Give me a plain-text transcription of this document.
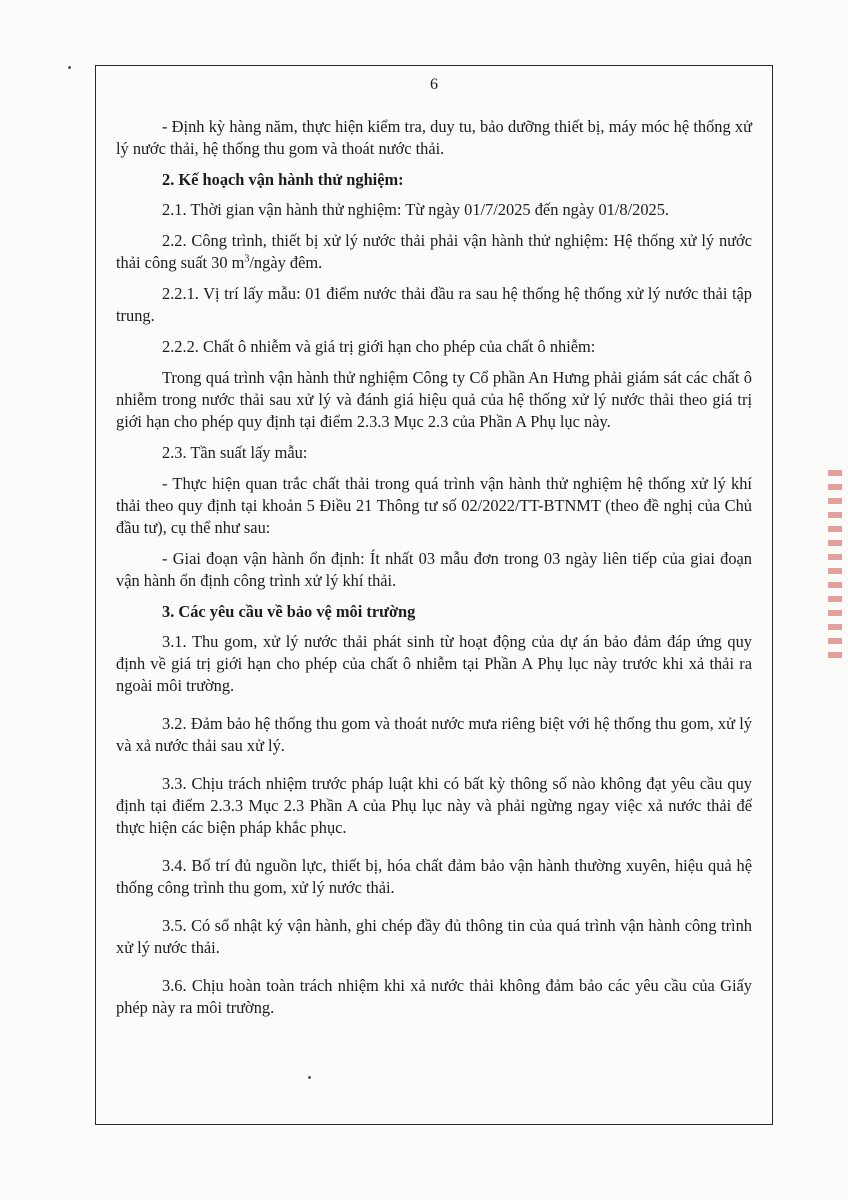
6

- Định kỳ hàng năm, thực hiện kiểm tra, duy tu, bảo dưỡng thiết bị, máy móc hệ thống xử lý nước thải, hệ thống thu gom và thoát nước thải.

2. Kế hoạch vận hành thử nghiệm:

2.1. Thời gian vận hành thử nghiệm: Từ ngày 01/7/2025 đến ngày 01/8/2025.

2.2. Công trình, thiết bị xử lý nước thải phải vận hành thử nghiệm: Hệ thống xử lý nước thải công suất 30 $m^3$/ngày đêm.

2.2.1. Vị trí lấy mẫu: 01 điểm nước thải đầu ra sau hệ thống hệ thống xử lý nước thải tập trung.

2.2.2. Chất ô nhiễm và giá trị giới hạn cho phép của chất ô nhiễm:

Trong quá trình vận hành thử nghiệm Công ty Cổ phần An Hưng phải giám sát các chất ô nhiễm trong nước thải sau xử lý và đánh giá hiệu quả của hệ thống xử lý nước thải theo giá trị giới hạn cho phép quy định tại điểm 2.3.3 Mục 2.3 của Phần A Phụ lục này.

2.3. Tần suất lấy mẫu:

- Thực hiện quan trắc chất thải trong quá trình vận hành thử nghiệm hệ thống xử lý khí thải theo quy định tại khoản 5 Điều 21 Thông tư số 02/2022/TT-BTNMT (theo đề nghị của Chủ đầu tư), cụ thể như sau:

- Giai đoạn vận hành ổn định: Ít nhất 03 mẫu đơn trong 03 ngày liên tiếp của giai đoạn vận hành ổn định công trình xử lý khí thải.

3. Các yêu cầu về bảo vệ môi trường

3.1. Thu gom, xử lý nước thải phát sinh từ hoạt động của dự án bảo đảm đáp ứng quy định về giá trị giới hạn cho phép của chất ô nhiễm tại Phần A Phụ lục này trước khi xả thải ra ngoài môi trường.

3.2. Đảm bảo hệ thống thu gom và thoát nước mưa riêng biệt với hệ thống thu gom, xử lý và xả nước thải sau xử lý.

3.3. Chịu trách nhiệm trước pháp luật khi có bất kỳ thông số nào không đạt yêu cầu quy định tại điểm 2.3.3 Mục 2.3 Phần A của Phụ lục này và phải ngừng ngay việc xả nước thải để thực hiện các biện pháp khắc phục.

3.4. Bố trí đủ nguồn lực, thiết bị, hóa chất đảm bảo vận hành thường xuyên, hiệu quả hệ thống công trình thu gom, xử lý nước thải.

3.5. Có sổ nhật ký vận hành, ghi chép đầy đủ thông tin của quá trình vận hành công trình xử lý nước thải.

3.6. Chịu hoàn toàn trách nhiệm khi xả nước thải không đảm bảo các yêu cầu của Giấy phép này ra môi trường.
